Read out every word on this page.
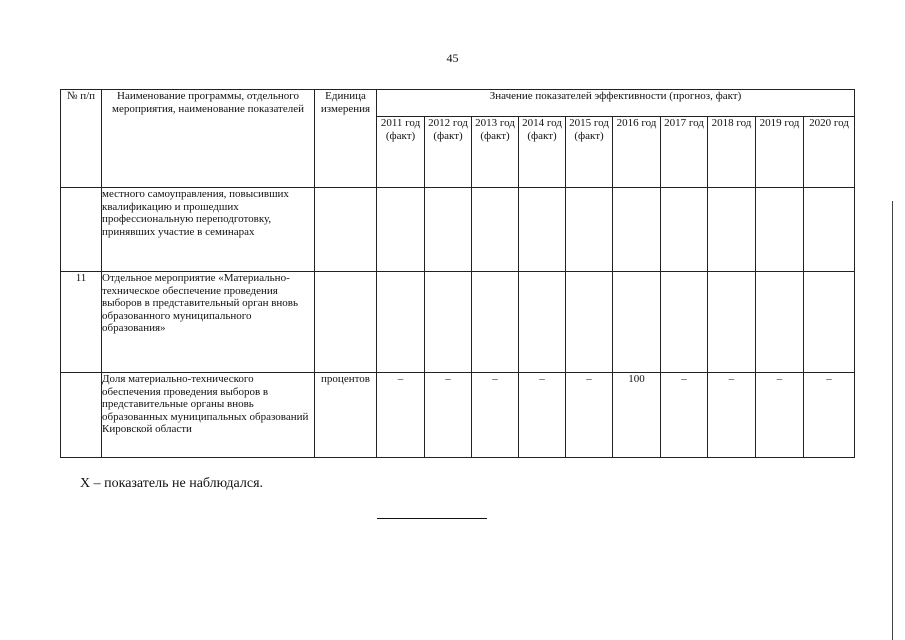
45
№ п/п	Наименование программы, отдельного мероприятия, наименование показателей	Единица измерения	Значение показателей эффективности (прогноз, факт)									
			2011 год (факт)	2012 год (факт)	2013 год (факт)	2014 год (факт)	2015 год (факт)	2016 год	2017 год	2018 год	2019 год	2020 год
	местного самоуправления, повысивших квалификацию и прошедших профессиональную переподготовку, принявших участие в семинарах											
11	Отдельное мероприятие «Материально-техническое обеспечение проведения выборов в представительный орган вновь образованного муниципального образования»											
	Доля материально-технического обеспечения проведения выборов в представительные органы вновь образованных муниципальных образований Кировской области	процентов	–	–	–	–	–	100	–	–	–	–
Х – показатель не наблюдался.
